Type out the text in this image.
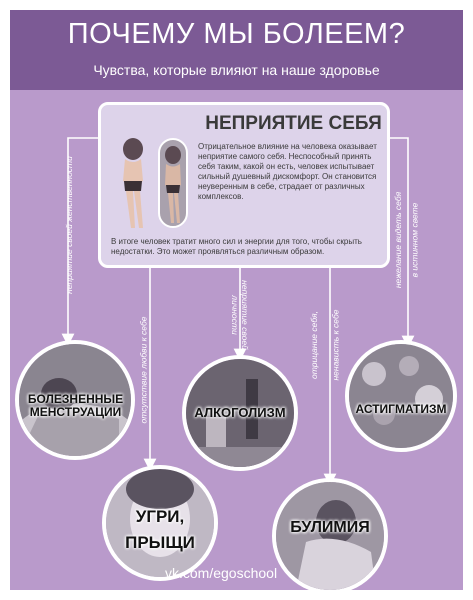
ПОЧЕМУ МЫ БОЛЕЕМ?
Чувства, которые влияют на наше здоровье
НЕПРИЯТИЕ СЕБЯ
Отрицательное влияние на человека оказывает неприятие самого себя. Неспособный принять себя таким, какой он есть, человек испытывает сильный душевный дискомфорт. Он становится неуверенным в себе, страдает от различных комплексов.
В итоге человек тратит много сил и энергии для того, чтобы скрыть недостатки. Это может проявляться различным образом.
неприятие своей женственности
отсутствие любви к себе
неприятие своей личности	отрицание себя, ненависть к себе
нежелание видеть себя в истинном свете
БОЛЕЗНЕННЫЕ МЕНСТРУАЦИИ	АЛКОГОЛИЗМ	АСТИГМАТИЗМ
УГРИ,
ПРЫЩИ
БУЛИМИЯ
vk.com/egoschool
